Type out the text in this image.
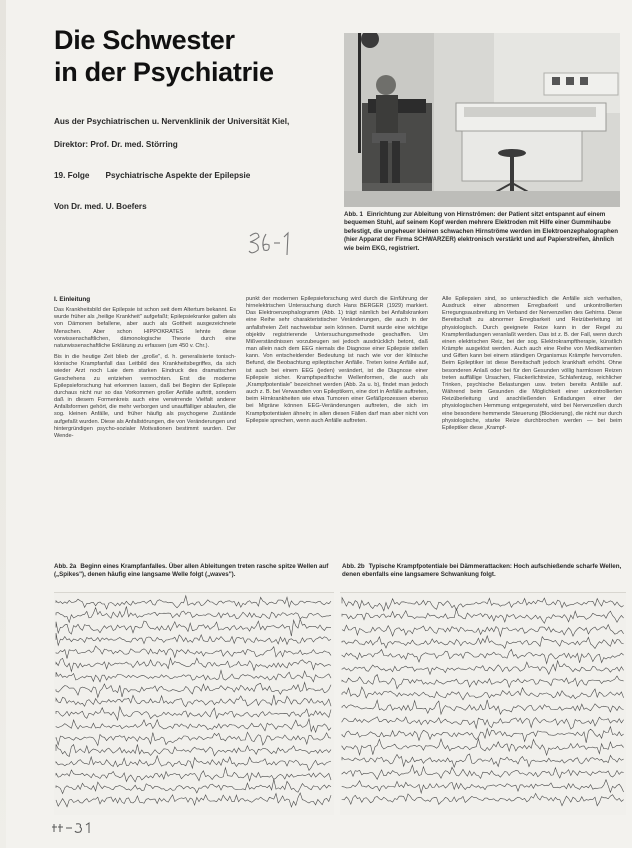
Die Schwester
in der Psychiatrie
Aus der Psychiatrischen u. Nervenklinik der Universität Kiel,
Direktor: Prof. Dr. med. Störring
19. Folge Psychiatrische Aspekte der Epilepsie
Von Dr. med. U. Boefers
Abb. 1 Einrichtung zur Ableitung von Hirnströmen: der Patient sitzt entspannt auf einem bequemen Stuhl, auf seinem Kopf werden mehrere Elektroden mit Hilfe einer Gummihaube befestigt, die ungeheuer kleinen schwachen Hirnströme werden im Elektroenzephalographen (hier Apparat der Firma SCHWARZER) elektronisch verstärkt und auf Papierstreifen, ähnlich wie beim EKG, registriert.
I. Einleitung

Das Krankheitsbild der Epilepsie ist schon seit dem Altertum bekannt. Es wurde früher als „heilige Krankheit" aufgefaßt; Epilepsiekranke galten als von Dämonen befallene, aber auch als Gottheit ausgezeichnete Menschen. Aber schon HIPPOKRATES lehnte diese vorwissenschaftlichen, dämonologische Theorie durch eine naturwissenschaftliche Erklärung zu erfassen (um 450 v. Chr.).

Bis in die heutige Zeit blieb der „große", d. h. generalisierte tonisch-klonische Krampfanfall das Leitbild des Krankheitsbegriffes, da sich wieder Arzt noch Laie dem starken Eindruck des dramatischen Geschehens zu entziehen vermochten. Erst die moderne Epilepsieforschung hat erkennen lassen, daß bei Beginn der Epilepsie durchaus nicht nur so das Vorkommen großer Anfälle auftritt, sondern daß in diesem Formenkreis auch eine verwirrende Vielfalt anderer Anfallsformen gehört, die mehr verborgen und unauffälliger ablaufen, die sog. kleinen Anfälle, und früher häufig als psychogene Zustände aufgefaßt wurden. Diese als Anfallstörungen, die von Veränderungen und hintergründigen psycho-sozialer Motivationen bestimmt wurden. Der Wende-

punkt der modernen Epilepsieforschung wird durch die Einführung der hirnelektrischen Untersuchung durch Hans BERGER (1929) markiert. Das Elektroenzephalogramm (Abb. 1) trägt nämlich bei Anfallskranken eine Reihe sehr charakteristischer Veränderungen, die auch in der anfallsfreien Zeit nachweisbar sein können. Damit wurde eine wichtige objektiv registrierende Untersuchungsmethode geschaffen. Um Mißverständnissen vorzubeugen sei jedoch ausdrücklich betont, daß man allein nach dem EEG niemals die Diagnose einer Epilepsie stellen kann. Von entscheidender Bedeutung ist nach wie vor der klinische Befund, die Beobachtung epileptischer Anfälle. Treten keine Anfälle auf, ist auch bei einem EEG (jeden) verändert, ist die Diagnose einer Epilepsie sicher. Krampfspezifische Wellenformen, die auch als „Krampfpotentiale" bezeichnet werden (Abb. 2a u. b), findet man jedoch auch z. B. bei Verwandten von Epileptikern, eine dort in Anfälle auftreten, beim Hirnkrankheiten wie etwa Tumoren einer Gefäßprozessen ebenso bei Migräne können EEG-Veränderungen auftreten, die sich im Krampfpotentialen ähneln; in allen diesen Fällen darf man aber nicht von Epilepsie sprechen, wenn auch Anfälle auftreten.

Alle Epilepsien sind, so unterschiedlich die Anfälle sich verhalten, Ausdruck einer abnormen Erregbarkeit und unkontrollierten Erregungsausbreitung im Verband der Nervenzellen des Gehirns. Diese Bereitschaft zu abnormer Erregbarkeit und Reizüberleitung ist physiologisch. Durch geeignete Reize kann in der Regel zu Krampfentladungen veranlaßt werden. Das ist z. B. der Fall, wenn durch einen elektrischen Reiz, bei der sog. Elektrokrampftherapie, künstlich Krämpfe ausgelöst werden. Auch auch eine Reihe von Medikamenten und Giften kann bei einem ständigen Organismus Krämpfe hervorrufen. Beim Epileptiker ist diese Bereitschaft jedoch krankhaft erhöht. Ohne besonderen Anlaß oder bei für den Gesunden völlig harmlosen Reizen treten auffällige Ursachen, Flackerlichtreize, Schlafentzug, reichlicher Trinken, psychische Belastungen usw. treten bereits Anfälle auf. Während beim Gesunden die Möglichkeit einer unkontrollierten Reizüberleitung und anschließenden Entladungen einer der physiologischen Hemmung entgegensteht, wird bei Nervenzellen durch eine besondere hemmende Steuerung (Blockierung), die nicht nur durch physiologische, starke Reize durchbrochen werden — bei beim Epileptiker diese „Krampf-

Abb. 2a Beginn eines Krampfanfalles. Über allen Ableitungen treten rasche spitze Wellen auf („Spikes"), denen häufig eine langsame Welle folgt („waves").
Abb. 2b Typische Krampfpotentiale bei Dämmerattacken: Hoch aufschießende scharfe Wellen, denen ebenfalls eine langsamere Schwankung folgt.
